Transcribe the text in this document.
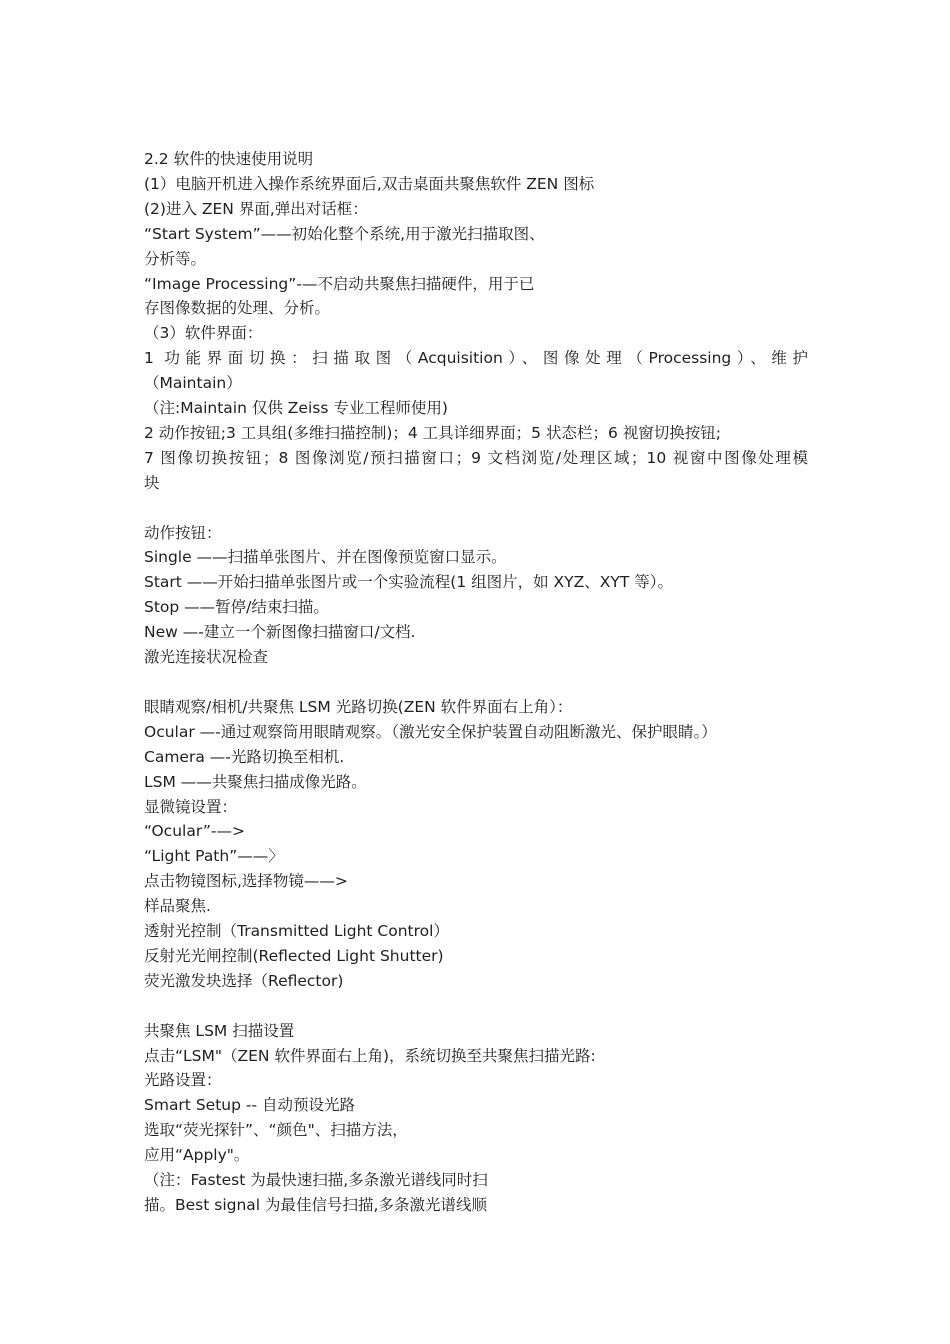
2.2 软件的快速使用说明
(1）电脑开机进入操作系统界面后,双击桌面共聚焦软件 ZEN 图标
(2)进入 ZEN 界面,弹出对话框：
“Start System”——初始化整个系统,用于激光扫描取图、
分析等。
“Image Processing”-—不启动共聚焦扫描硬件，用于已
存图像数据的处理、分析。
（3）软件界面：
1 功能界面切换：扫描取图（Acquisition）、图像处理（Processing）、维护
（Maintain）
（注:Maintain 仅供 Zeiss 专业工程师使用)
2 动作按钮;3 工具组(多维扫描控制)；4 工具详细界面；5 状态栏；6 视窗切换按钮;
7 图像切换按钮；8 图像浏览/预扫描窗口；9 文档浏览/处理区域；10 视窗中图像处理模
块
动作按钮：
Single ——扫描单张图片、并在图像预览窗口显示。
Start ——开始扫描单张图片或一个实验流程(1 组图片，如 XYZ、XYT 等）。
Stop ——暂停/结束扫描。
New —-建立一个新图像扫描窗口/文档.
激光连接状况检查
眼睛观察/相机/共聚焦 LSM 光路切换(ZEN 软件界面右上角）：
Ocular —-通过观察筒用眼睛观察。（激光安全保护装置自动阻断激光、保护眼睛。）
Camera —-光路切换至相机.
LSM ——共聚焦扫描成像光路。
显微镜设置：
“Ocular”-—>
“Light Path”——〉
点击物镜图标,选择物镜——>
样品聚焦.
透射光控制（Transmitted Light Control）
反射光光闸控制(Reflected Light Shutter)
荧光激发块选择（Reflector)
共聚焦 LSM 扫描设置
点击“LSM"（ZEN 软件界面右上角)，系统切换至共聚焦扫描光路:
光路设置：
Smart Setup -- 自动预设光路
选取“荧光探针”、“颜色"、扫描方法，
应用“Apply"。
（注：Fastest 为最快速扫描,多条激光谱线同时扫
描。Best signal 为最佳信号扫描,多条激光谱线顺
